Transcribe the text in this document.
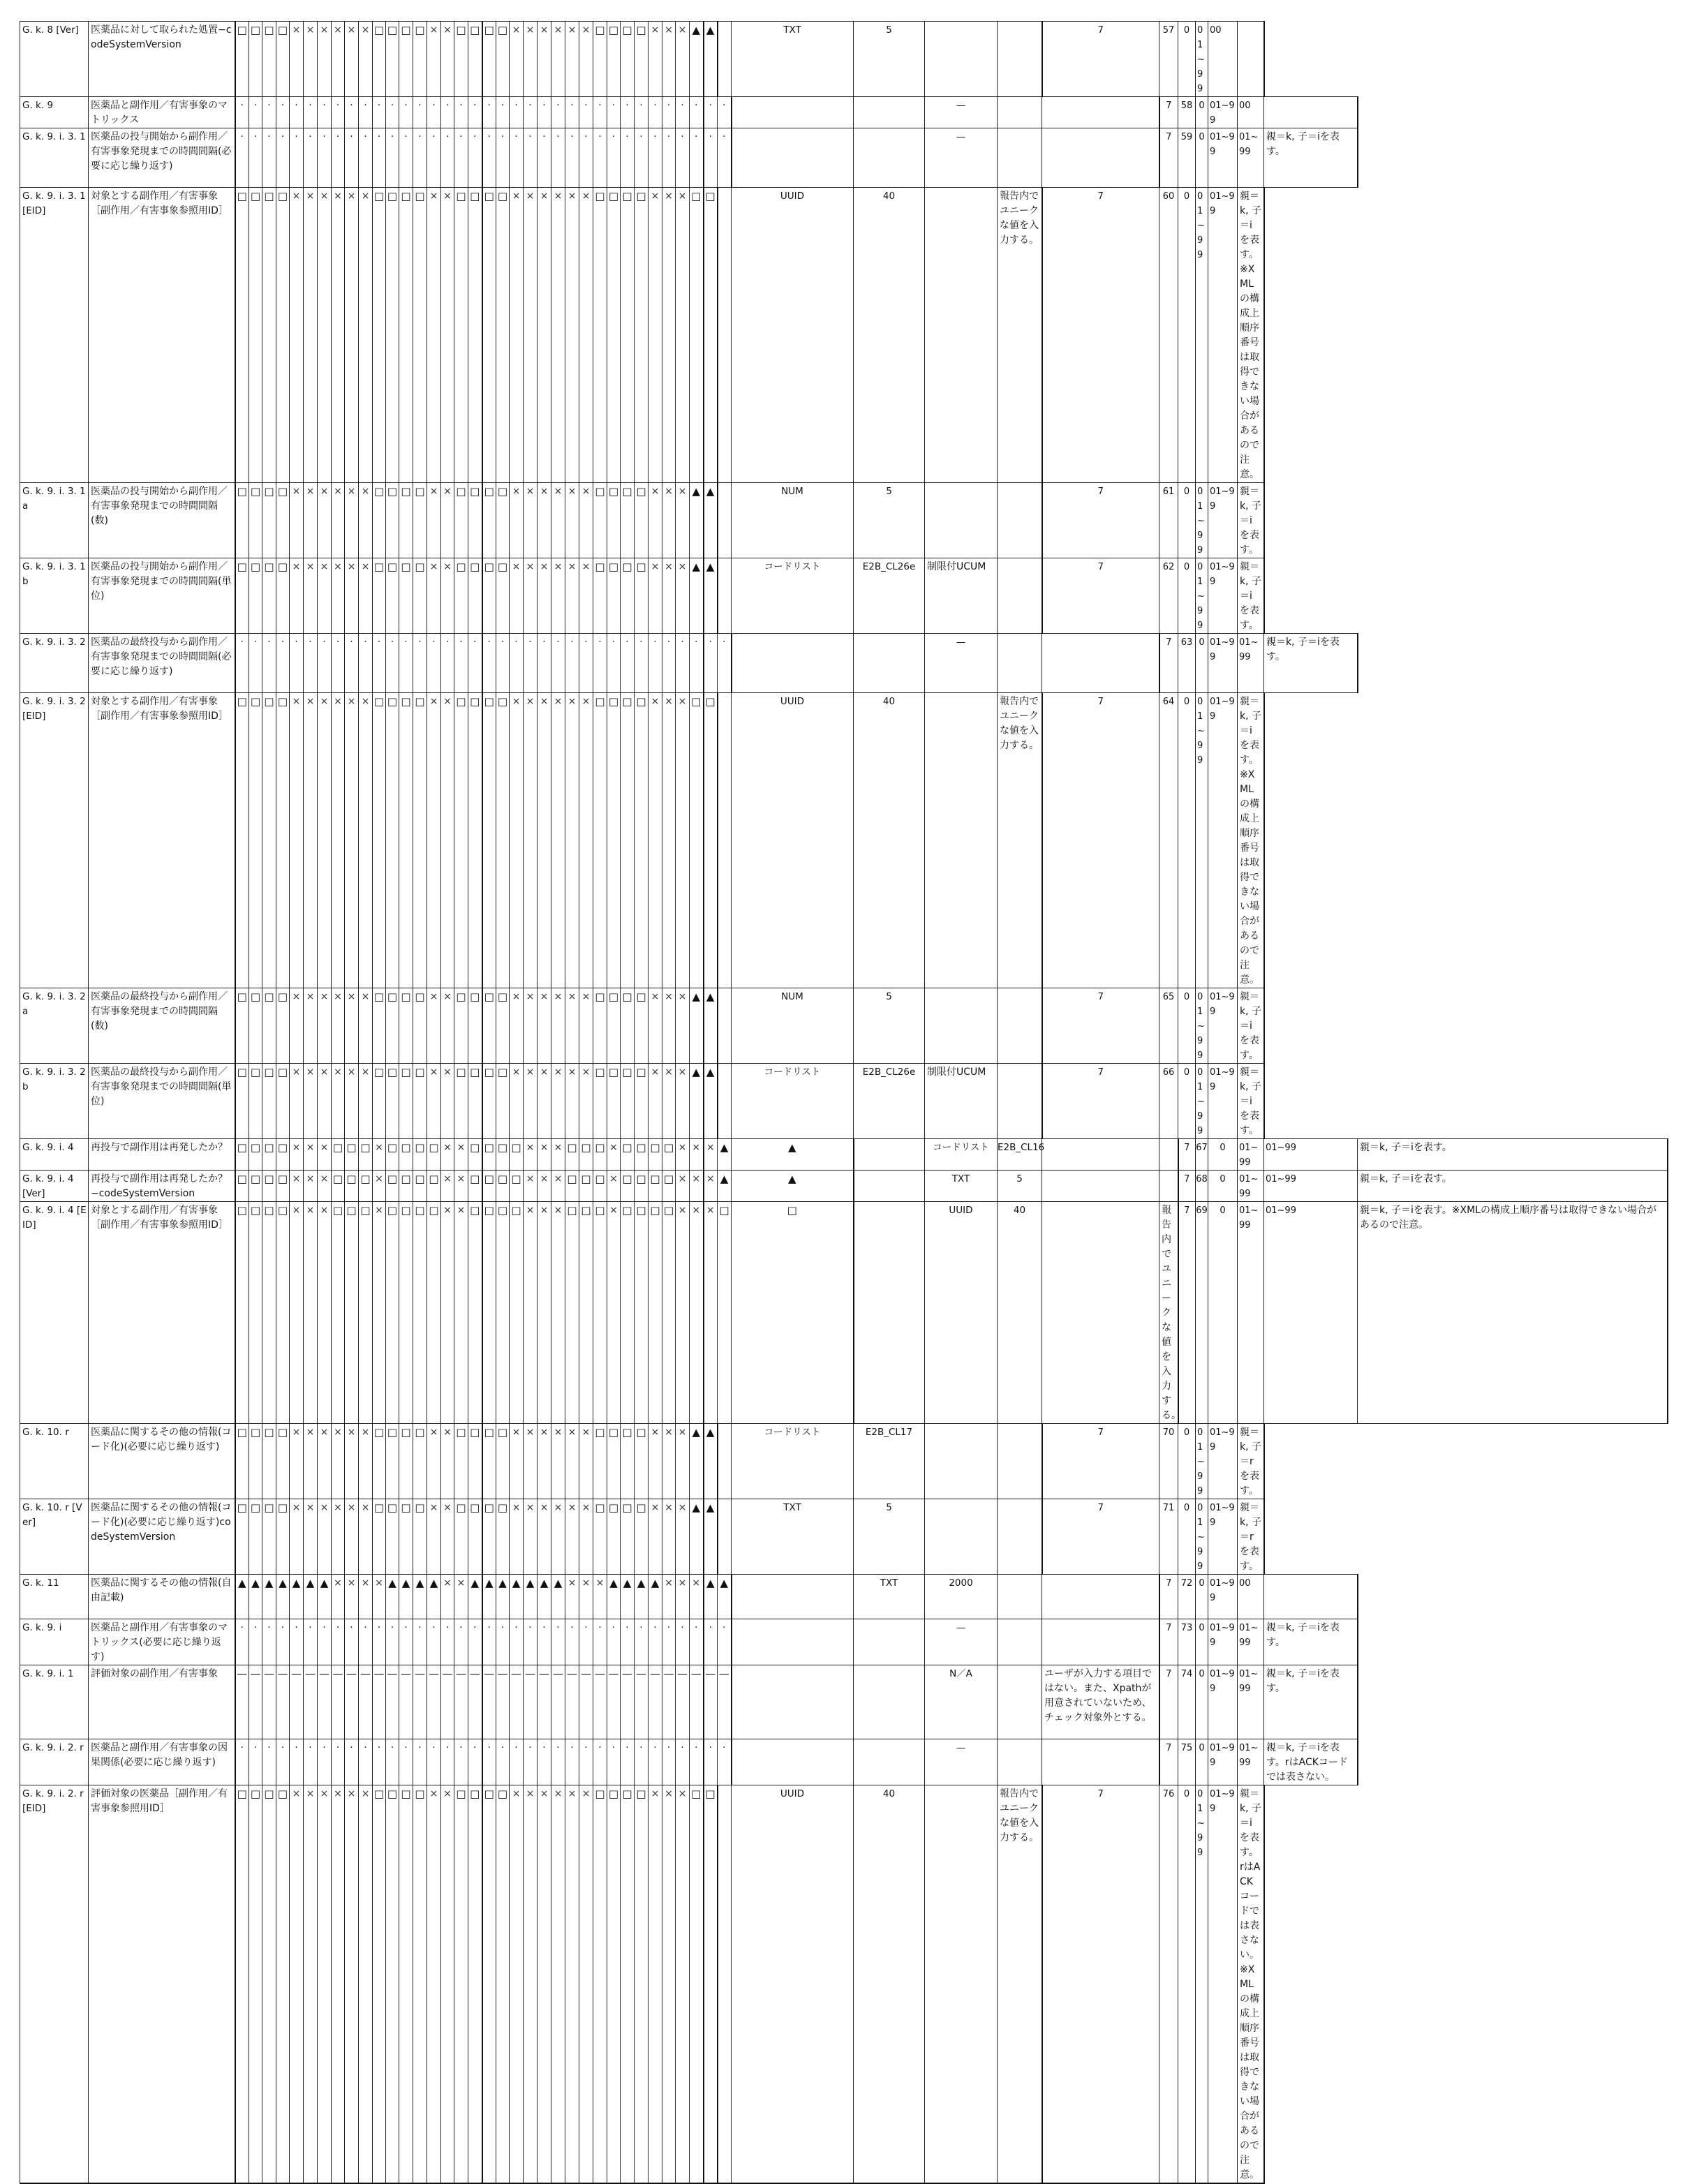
G. k. 8 [Ver]	医薬品に対して取られた処置−codeSystemVersion	□	□	□	□	×	×	×	×	×	×	□	□	□	□	×	×	□	□	□	□	×	×	×	×	×	×	□	□	□	□	×	×	×	▲	▲		TXT	5			7	57	0	01~99	00			
G. k. 9	医薬品と副作用／有害事象のマトリックス	·	·	·	·	·	·	·	·	·	·	·	·	·	·	·	·	·	·	·	·	·	·	·	·	·	·	·	·	·	·	·	·	·	·	·	·			—			7	58	0	01~99	00		
G. k. 9. i. 3. 1	医薬品の投与開始から副作用／有害事象発現までの時間間隔(必要に応じ繰り返す)	·	·	·	·	·	·	·	·	·	·	·	·	·	·	·	·	·	·	·	·	·	·	·	·	·	·	·	·	·	·	·	·	·	·	·	·			—			7	59	0	01~99	01~99	親＝k, 子＝iを表す。	
G. k. 9. i. 3. 1 [EID]	対象とする副作用／有害事象［副作用／有害事象参照用ID］	□	□	□	□	×	×	×	×	×	×	□	□	□	□	×	×	□	□	□	□	×	×	×	×	×	×	□	□	□	□	×	×	×	□	□		UUID	40		報告内でユニークな値を入力する。	7	60	0	01~99	01~99	親＝k, 子＝iを表す。※XMLの構成上順序番号は取得できない場合があるので注意。		
G. k. 9. i. 3. 1a	医薬品の投与開始から副作用／有害事象発現までの時間間隔(数)	□	□	□	□	×	×	×	×	×	×	□	□	□	□	×	×	□	□	□	□	×	×	×	×	×	×	□	□	□	□	×	×	×	▲	▲		NUM	5			7	61	0	01~99	01~99	親＝k, 子＝iを表す。		
G. k. 9. i. 3. 1b	医薬品の投与開始から副作用／有害事象発現までの時間間隔(単位)	□	□	□	□	×	×	×	×	×	×	□	□	□	□	×	×	□	□	□	□	×	×	×	×	×	×	□	□	□	□	×	×	×	▲	▲		コードリスト	E2B_CL26e	制限付UCUM		7	62	0	01~99	01~99	親＝k, 子＝iを表す。		
G. k. 9. i. 3. 2	医薬品の最終投与から副作用／有害事象発現までの時間間隔(必要に応じ繰り返す)	·	·	·	·	·	·	·	·	·	·	·	·	·	·	·	·	·	·	·	·	·	·	·	·	·	·	·	·	·	·	·	·	·	·	·	·			—			7	63	0	01~99	01~99	親＝k, 子＝iを表す。	
G. k. 9. i. 3. 2 [EID]	対象とする副作用／有害事象［副作用／有害事象参照用ID］	□	□	□	□	×	×	×	×	×	×	□	□	□	□	×	×	□	□	□	□	×	×	×	×	×	×	□	□	□	□	×	×	×	□	□		UUID	40		報告内でユニークな値を入力する。	7	64	0	01~99	01~99	親＝k, 子＝iを表す。※XMLの構成上順序番号は取得できない場合があるので注意。		
G. k. 9. i. 3. 2a	医薬品の最終投与から副作用／有害事象発現までの時間間隔(数)	□	□	□	□	×	×	×	×	×	×	□	□	□	□	×	×	□	□	□	□	×	×	×	×	×	×	□	□	□	□	×	×	×	▲	▲		NUM	5			7	65	0	01~99	01~99	親＝k, 子＝iを表す。		
G. k. 9. i. 3. 2b	医薬品の最終投与から副作用／有害事象発現までの時間間隔(単位)	□	□	□	□	×	×	×	×	×	×	□	□	□	□	×	×	□	□	□	□	×	×	×	×	×	×	□	□	□	□	×	×	×	▲	▲		コードリスト	E2B_CL26e	制限付UCUM		7	66	0	01~99	01~99	親＝k, 子＝iを表す。		
G. k. 9. i. 4	再投与で副作用は再発したか？	□	□	□	□	×	×	×	□	□	□	×	□	□	□	□	×	×	□	□	□	□	×	×	×	□	□	□	×	□	□	□	□	×	×	×	▲	▲		コードリスト	E2B_CL16			7	67	0	01~99	01~99	親＝k, 子＝iを表す。
G. k. 9. i. 4 [Ver]	再投与で副作用は再発したか？−codeSystemVersion	□	□	□	□	×	×	×	□	□	□	×	□	□	□	□	×	×	□	□	□	□	×	×	×	□	□	□	×	□	□	□	□	×	×	×	▲	▲		TXT	5			7	68	0	01~99	01~99	親＝k, 子＝iを表す。
G. k. 9. i. 4 [EID]	対象とする副作用／有害事象［副作用／有害事象参照用ID］	□	□	□	□	×	×	×	□	□	□	×	□	□	□	□	×	×	□	□	□	□	×	×	×	□	□	□	×	□	□	□	□	×	×	×	□	□		UUID	40		報告内でユニークな値を入力する。	7	69	0	01~99	01~99	親＝k, 子＝iを表す。※XMLの構成上順序番号は取得できない場合があるので注意。
G. k. 10. r	医薬品に関するその他の情報(コード化)(必要に応じ繰り返す)	□	□	□	□	×	×	×	×	×	×	□	□	□	□	×	×	□	□	□	□	×	×	×	×	×	×	□	□	□	□	×	×	×	▲	▲		コードリスト	E2B_CL17			7	70	0	01~99	01~99	親＝k, 子＝rを表す。		
G. k. 10. r [Ver]	医薬品に関するその他の情報(コード化)(必要に応じ繰り返す)codeSystemVersion	□	□	□	□	×	×	×	×	×	×	□	□	□	□	×	×	□	□	□	□	×	×	×	×	×	×	□	□	□	□	×	×	×	▲	▲		TXT	5			7	71	0	01~99	01~99	親＝k, 子＝rを表す。		
G. k. 11	医薬品に関するその他の情報(自由記載)	▲	▲	▲	▲	▲	▲	▲	×	×	×	×	▲	▲	▲	▲	×	×	▲	▲	▲	▲	▲	▲	▲	×	×	×	▲	▲	▲	▲	×	×	×	▲	▲		TXT	2000			7	72	0	01~99	00		
G. k. 9. i	医薬品と副作用／有害事象のマトリックス(必要に応じ繰り返す)	·	·	·	·	·	·	·	·	·	·	·	·	·	·	·	·	·	·	·	·	·	·	·	·	·	·	·	·	·	·	·	·	·	·	·	·			—			7	73	0	01~99	01~99	親＝k, 子＝iを表す。	
G. k. 9. i. 1	評価対象の副作用／有害事象	—	—	—	—	—	—	—	—	—	—	—	—	—	—	—	—	—	—	—	—	—	—	—	—	—	—	—	—	—	—	—	—	—	—	—	—			N／A		ユーザが入力する項目ではない。また、Xpathが用意されていないため、チェック対象外とする。	7	74	0	01~99	01~99	親＝k, 子＝iを表す。	
G. k. 9. i. 2. r	医薬品と副作用／有害事象の因果関係(必要に応じ繰り返す)	·	·	·	·	·	·	·	·	·	·	·	·	·	·	·	·	·	·	·	·	·	·	·	·	·	·	·	·	·	·	·	·	·	·	·	·			—			7	75	0	01~99	01~99	親＝k, 子＝iを表す。rはACKコードでは表さない。	
G. k. 9. i. 2. r [EID]	評価対象の医薬品［副作用／有害事象参照用ID］	□	□	□	□	×	×	×	×	×	×	□	□	□	□	×	×	□	□	□	□	×	×	×	×	×	×	□	□	□	□	×	×	×	□	□		UUID	40		報告内でユニークな値を入力する。	7	76	0	01~99	01~99	親＝k, 子＝iを表す。rはACKコードでは表さない。※XMLの構成上順序番号は取得できない場合があるので注意。		
